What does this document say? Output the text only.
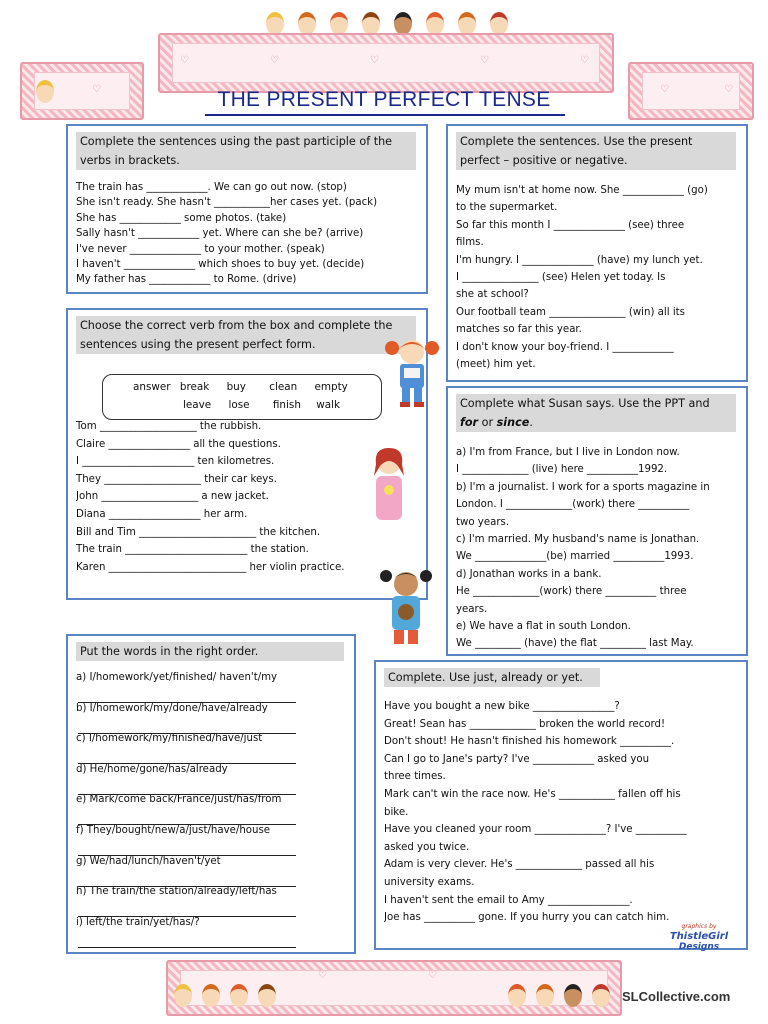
♡	♡	♡	♡	♡
♡	♡	♡
THE PRESENT PERFECT TENSE
Complete the sentences using the past participle of the verbs in brackets.
The train has ____________. We can go out now. (stop)
She isn't ready. She hasn't ___________her cases yet. (pack)
She has ____________ some photos. (take)
Sally hasn't ____________ yet. Where can she be? (arrive)
I've never ______________ to your mother. (speak)
I haven't ______________ which shoes to buy yet. (decide)
My father has ____________ to Rome. (drive)
Complete the sentences. Use the present perfect – positive or negative.
My mum isn't at home now. She ____________ (go)
to the supermarket.
So far this month I ______________ (see) three
films.
I'm hungry. I ______________ (have) my lunch yet.
I _______________ (see) Helen yet today. Is
she at school?
Our football team _______________ (win) all its
matches so far this year.
I don't know your boy-friend. I ____________
(meet) him yet.
Choose the correct verb from the box and complete the sentences using the present perfect form.
answer break buy clean empty
leave lose finish walk
Tom ___________________ the rubbish.
Claire ________________ all the questions.
I ______________________ ten kilometres.
They ___________________ their car keys.
John ___________________ a new jacket.
Diana __________________ her arm.
Bill and Tim _______________________ the kitchen.
The train ________________________ the station.
Karen ___________________________ her violin practice.
Complete what Susan says. Use the PPT and
for or since.
a) I'm from France, but I live in London now.
I _____________ (live) here __________1992.
b) I'm a journalist. I work for a sports magazine in
London. I _____________(work) there __________
two years.
c) I'm married. My husband's name is Jonathan.
We ______________(be) married __________1993.
d) Jonathan works in a bank.
He _____________(work) there __________ three
years.
e) We have a flat in south London.
We _________ (have) the flat _________ last May.
Put the words in the right order.
a) I/homework/yet/finished/ haven't/my
b) I/homework/my/done/have/already
c) I/homework/my/finished/have/just
d) He/home/gone/has/already
e) Mark/come back/France/just/has/from
f) They/bought/new/a/just/have/house
g) We/had/lunch/haven't/yet
h) The train/the station/already/left/has
i) left/the train/yet/has/?
Complete. Use just, already or yet.
Have you bought a new bike ________________?
Great! Sean has _____________ broken the world record!
Don't shout! He hasn't finished his homework __________.
Can I go to Jane's party? I've ____________ asked you
three times.
Mark can't win the race now. He's ___________ fallen off his
bike.
Have you cleaned your room ______________? I've __________
asked you twice.
Adam is very clever. He's _____________ passed all his
university exams.
I haven't sent the email to Amy ________________.
Joe has __________ gone. If you hurry you can catch him.
graphics by
ThistleGirl
Designs
♡	♡
SLCollective.com
